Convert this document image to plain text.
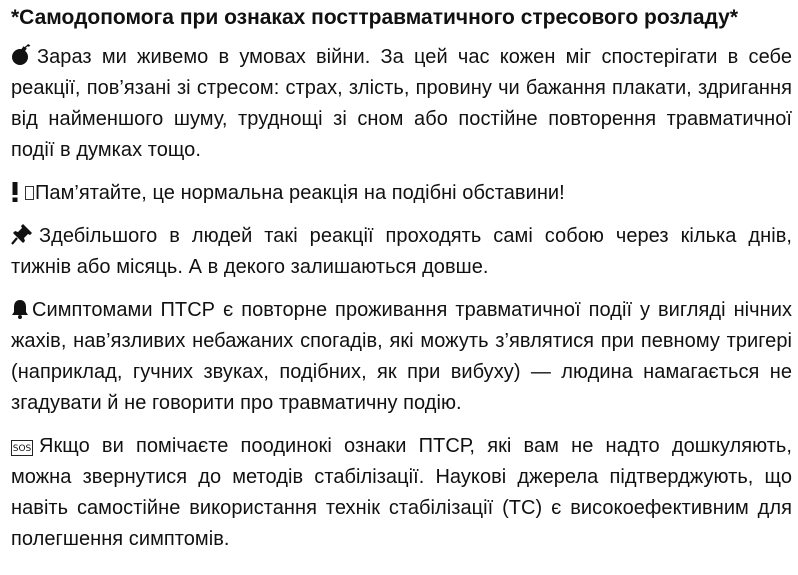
*Самодопомога при ознаках посттравматичного стресового розладу*

Зараз ми живемо в умовах війни. За цей час кожен міг спостерігати в себе реакції, пов’язані зі стресом: страх, злість, провину чи бажання плакати, здригання від найменшого шуму, труднощі зі сном або постійне повторення травматичної події в думках тощо.

Пам’ятайте, це нормальна реакція на подібні обставини!

Здебільшого в людей такі реакції проходять самі собою через кілька днів, тижнів або місяць. А в декого залишаються довше.

Симптомами ПТСР є повторне проживання травматичної події у вигляді нічних жахів, нав’язливих небажаних спогадів, які можуть з’являтися при певному тригері (наприклад, гучних звуках, подібних, як при вибуху) — людина намагається не згадувати й не говорити про травматичну подію.

SOS Якщо ви помічаєте поодинокі ознаки ПТСР, які вам не надто дошкуляють, можна звернутися до методів стабілізації. Наукові джерела підтверджують, що навіть самостійне використання технік стабілізації (ТС) є високоефективним для полегшення симптомів.
